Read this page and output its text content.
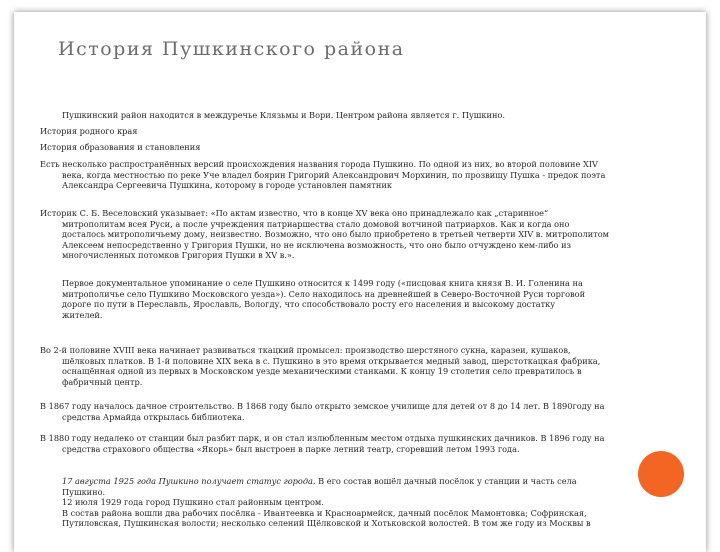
История Пушкинского района

Пушкинский район находится в междуречье Клязьмы и Вори. Центром района является г. Пушкино.

История родного края
История образования и становления

Есть несколько распространённых версий происхождения названия города Пушкино. По одной из них, во второй половине XIV

века, когда местностью по реке Уче владел боярин Григорий Александрович Морхинин, по прозвищу Пушка - предок поэта

Александра Сергеевича Пушкина, которому в городе установлен памятник

Историк С. Б. Веселовский указывает: «По актам известно, что в конце XV века оно принадлежало как „старинное“

митрополитам всея Руси, а после учреждения патриаршества стало домовой вотчиной патриархов. Как и когда оно

досталось митрополичьему дому, неизвестно. Возможно, что оно было приобретено в третьей четверти XIV в. митрополитом

Алексеем непосредственно у Григория Пушки, но не исключена возможность, что оно было отчуждено кем-либо из

многочисленных потомков Григория Пушки в XV в.».

Первое документальное упоминание о селе Пушкино относится к 1499 году («писцовая книга князя В. И. Голенина на

митрополичье село Пушкино Московского уезда»). Село находилось на древнейшей в Северо-Восточной Руси торговой

дороге по пути в Переславль, Ярославль, Вологду, что способствовало росту его населения и высокому достатку

жителей.

Во 2-й половине XVIII века начинает развиваться ткацкий промысел: производство шерстяного сукна, каразеи, кушаков,

шёлковых платков. В 1-й половине XIX века в с. Пушкино в это время открывается медный завод, шерстоткацкая фабрика,

оснащённая одной из первых в Московском уезде механическими станками. К концу 19 столетия село превратилось в

фабричный центр.

В 1867 году началось дачное строительство. В 1868 году было открыто земское училище для детей от 8 до 14 лет. В 1890году на

средства Армайда открылась библиотека.

В 1880 году недалеко от станции был разбит парк, и он стал излюбленным местом отдыха пушкинских дачников. В 1896 году на

средства страхового общества «Якорь» был выстроен в парке летний театр, сгоревший летом 1993 года.

17 августа 1925 года Пушкино получает статус города. В его состав вошёл дачный посёлок у станции и часть села

Пушкино.

12 июля 1929 года город Пушкино стал районным центром.

В состав района вошли два рабочих посёлка - Ивантеевка и Красноармейск, дачный посёлок Мамонтовка; Софринская,

Путиловская, Пушкинская волости; несколько селений Щёлковской и Хотьковской волостей. В том же году из Москвы в
